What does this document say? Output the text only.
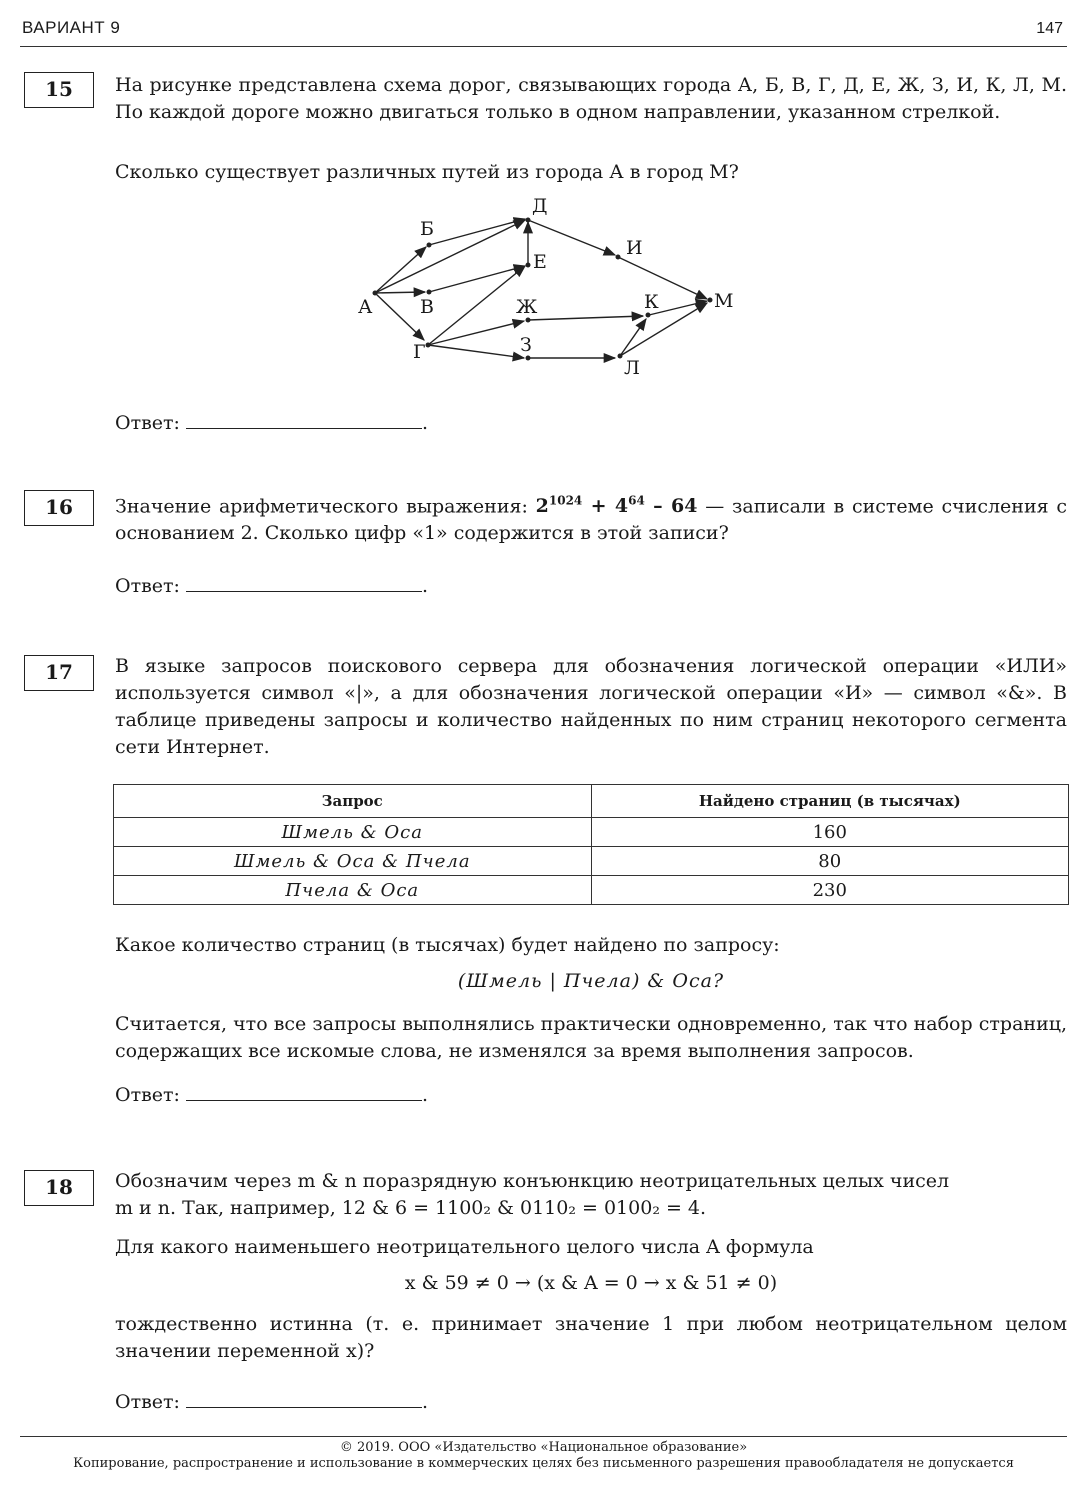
ВАРИАНТ 9	147
15	На рисунке представлена схема дорог, связывающих города А, Б, В, Г, Д, Е, Ж, З, И, К, Л, М. По каждой дороге можно двигаться только в одном направлении, указанном стрелкой.

Сколько существует различных путей из города А в город М?

А
Б
В
Г
Д
Е
Ж
З
И
К
Л
М
Ответ:	.
16	Значение арифметического выражения: $2^{1024} + 4^{64} - 64$ — записали в системе счисления с основанием 2. Сколько цифр «1» содержится в этой записи?

Ответ:	.
17	В языке запросов поискового сервера для обозначения логической операции «ИЛИ» используется символ «|», а для обозначения логической операции «И» — символ «&». В таблице приведены запросы и количество найденных по ним страниц некоторого сегмента сети Интернет.

Запрос	Найдено страниц (в тысячах)
Шмель & Оса	160
Шмель & Оса & Пчела	80
Пчела & Оса	230

Какое количество страниц (в тысячах) будет найдено по запросу:

(Шмель | Пчела) & Оса?

Считается, что все запросы выполнялись практически одновременно, так что набор страниц, содержащих все искомые слова, не изменялся за время выполнения запросов.

Ответ:	.
18	Обозначим через m & n поразрядную конъюнкцию неотрицательных целых чисел

m и n. Так, например, 12 & 6 = 1100₂ & 0110₂ = 0100₂ = 4.

Для какого наименьшего неотрицательного целого числа A формула

x & 59 ≠ 0 → (x & A = 0 → x & 51 ≠ 0)

тождественно истинна (т. е. принимает значение 1 при любом неотрицательном целом значении переменной x)?

Ответ:	.
© 2019. ООО «Издательство «Национальное образование»
Копирование, распространение и использование в коммерческих целях без письменного разрешения правообладателя не допускается
